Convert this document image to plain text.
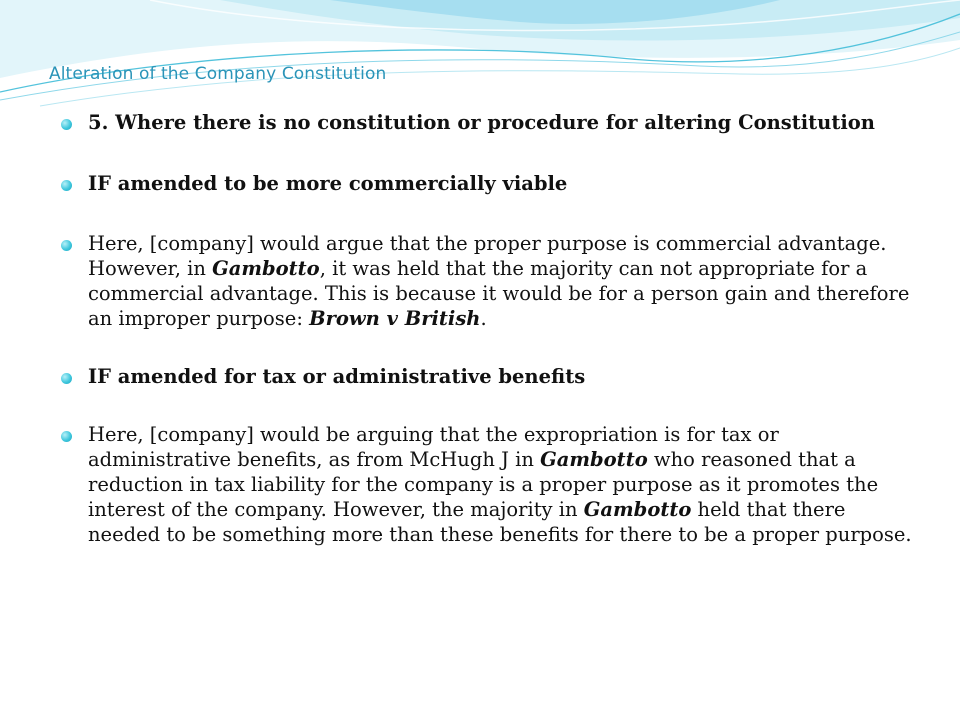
Alteration of the Company Constitution
5. Where there is no constitution or procedure for altering Constitution
IF amended to be more commercially viable
Here, [company] would argue that the proper purpose is commercial advantage. However, in Gambotto, it was held that the majority can not appropriate for a commercial advantage. This is because it would be for a person gain and therefore an improper purpose: Brown v British.
IF amended for tax or administrative benefits
Here, [company] would be arguing that the expropriation is for tax or administrative benefits, as from McHugh J in Gambotto who reasoned that a reduction in tax liability for the company is a proper purpose as it promotes the interest of the company. However, the majority in Gambotto held that there needed to be something more than these benefits for there to be a proper purpose.
